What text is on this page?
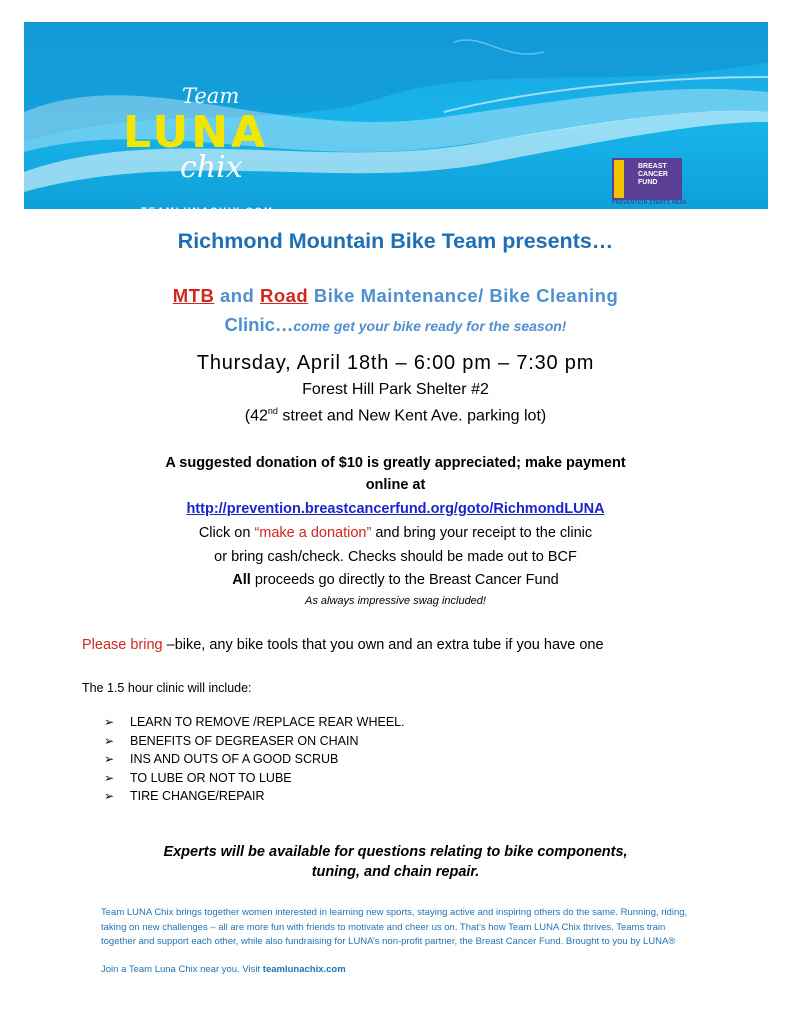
Team
LUNA
chix
TEAMLUNACHIX.COM
BREAST
CANCER
FUND
PREVENTION STARTS HERE
Richmond Mountain Bike Team presents…
MTB and Road Bike Maintenance/ Bike Cleaning
Clinic…come get your bike ready for the season!
Thursday, April 18th – 6:00 pm – 7:30 pm
Forest Hill Park Shelter #2
(42nd street and New Kent Ave. parking lot)
A suggested donation of $10 is greatly appreciated; make payment
online at
http://prevention.breastcancerfund.org/goto/RichmondLUNA
Click on “make a donation” and bring your receipt to the clinic
or bring cash/check. Checks should be made out to BCF
All proceeds go directly to the Breast Cancer Fund
As always impressive swag included!
Please bring –bike, any bike tools that you own and an extra tube if you have one
The 1.5 hour clinic will include:
➢ LEARN TO REMOVE /REPLACE REAR WHEEL.
➢ BENEFITS OF DEGREASER ON CHAIN
➢ INS AND OUTS OF A GOOD SCRUB
➢ TO LUBE OR NOT TO LUBE
➢ TIRE CHANGE/REPAIR
Experts will be available for questions relating to bike components,
tuning, and chain repair.
Team LUNA Chix brings together women interested in learning new sports, staying active and inspiring others do the same. Running, riding, taking on new challenges – all are more fun with friends to motivate and cheer us on. That’s how Team LUNA Chix thrives. Teams train together and support each other, while also fundraising for LUNA’s non-profit partner, the Breast Cancer Fund. Brought to you by LUNA®
Join a Team Luna Chix near you. Visit teamlunachix.com
